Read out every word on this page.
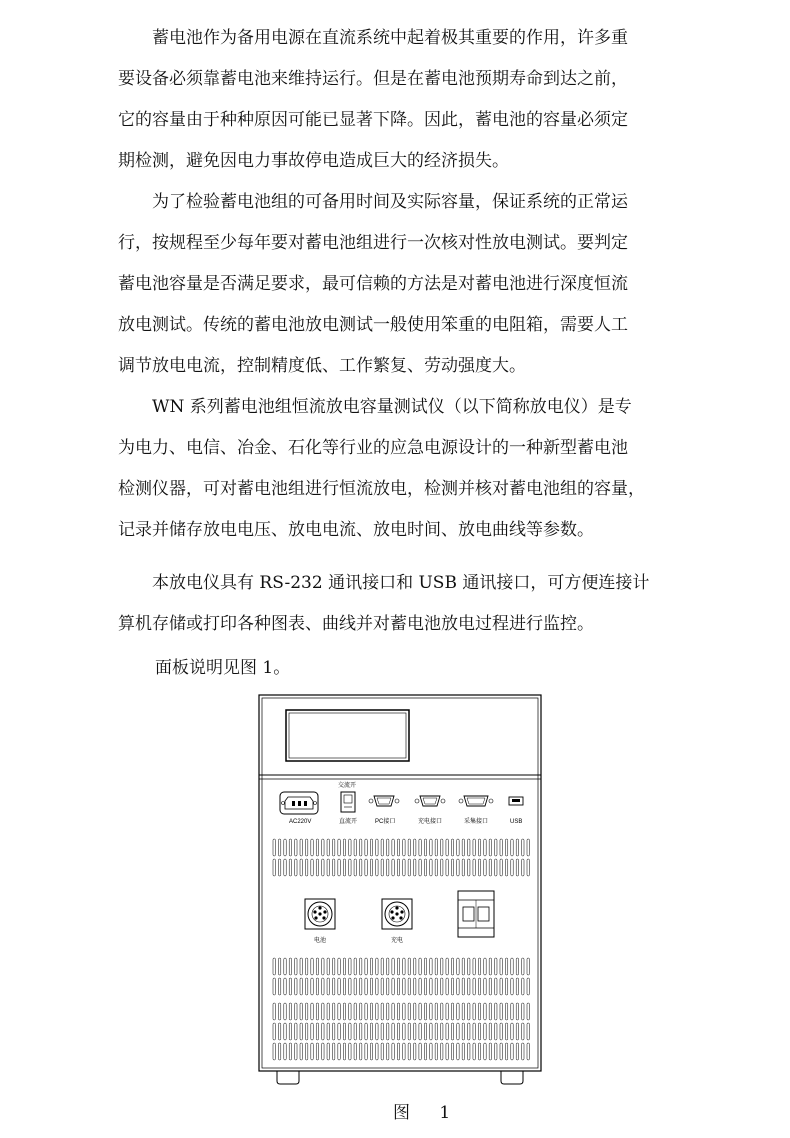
　　蓄电池作为备用电源在直流系统中起着极其重要的作用，许多重
要设备必须靠蓄电池来维持运行。但是在蓄电池预期寿命到达之前，
它的容量由于种种原因可能已显著下降。因此，蓄电池的容量必须定
期检测，避免因电力事故停电造成巨大的经济损失。
　　为了检验蓄电池组的可备用时间及实际容量，保证系统的正常运
行，按规程至少每年要对蓄电池组进行一次核对性放电测试。要判定
蓄电池容量是否满足要求，最可信赖的方法是对蓄电池进行深度恒流
放电测试。传统的蓄电池放电测试一般使用笨重的电阻箱，需要人工
调节放电电流，控制精度低、工作繁复、劳动强度大。
　　WN 系列蓄电池组恒流放电容量测试仪（以下简称放电仪）是专
为电力、电信、冶金、石化等行业的应急电源设计的一种新型蓄电池
检测仪器，可对蓄电池组进行恒流放电，检测并核对蓄电池组的容量，
记录并储存放电电压、放电电流、放电时间、放电曲线等参数。
　　本放电仪具有 RS-232 通讯接口和 USB 通讯接口，可方便连接计
算机存储或打印各种图表、曲线并对蓄电池放电过程进行监控。
面板说明见图 1。
AC220V
交流开
直流开	PC接口	充电接口	采集接口	USB
电池	充电
图 1
